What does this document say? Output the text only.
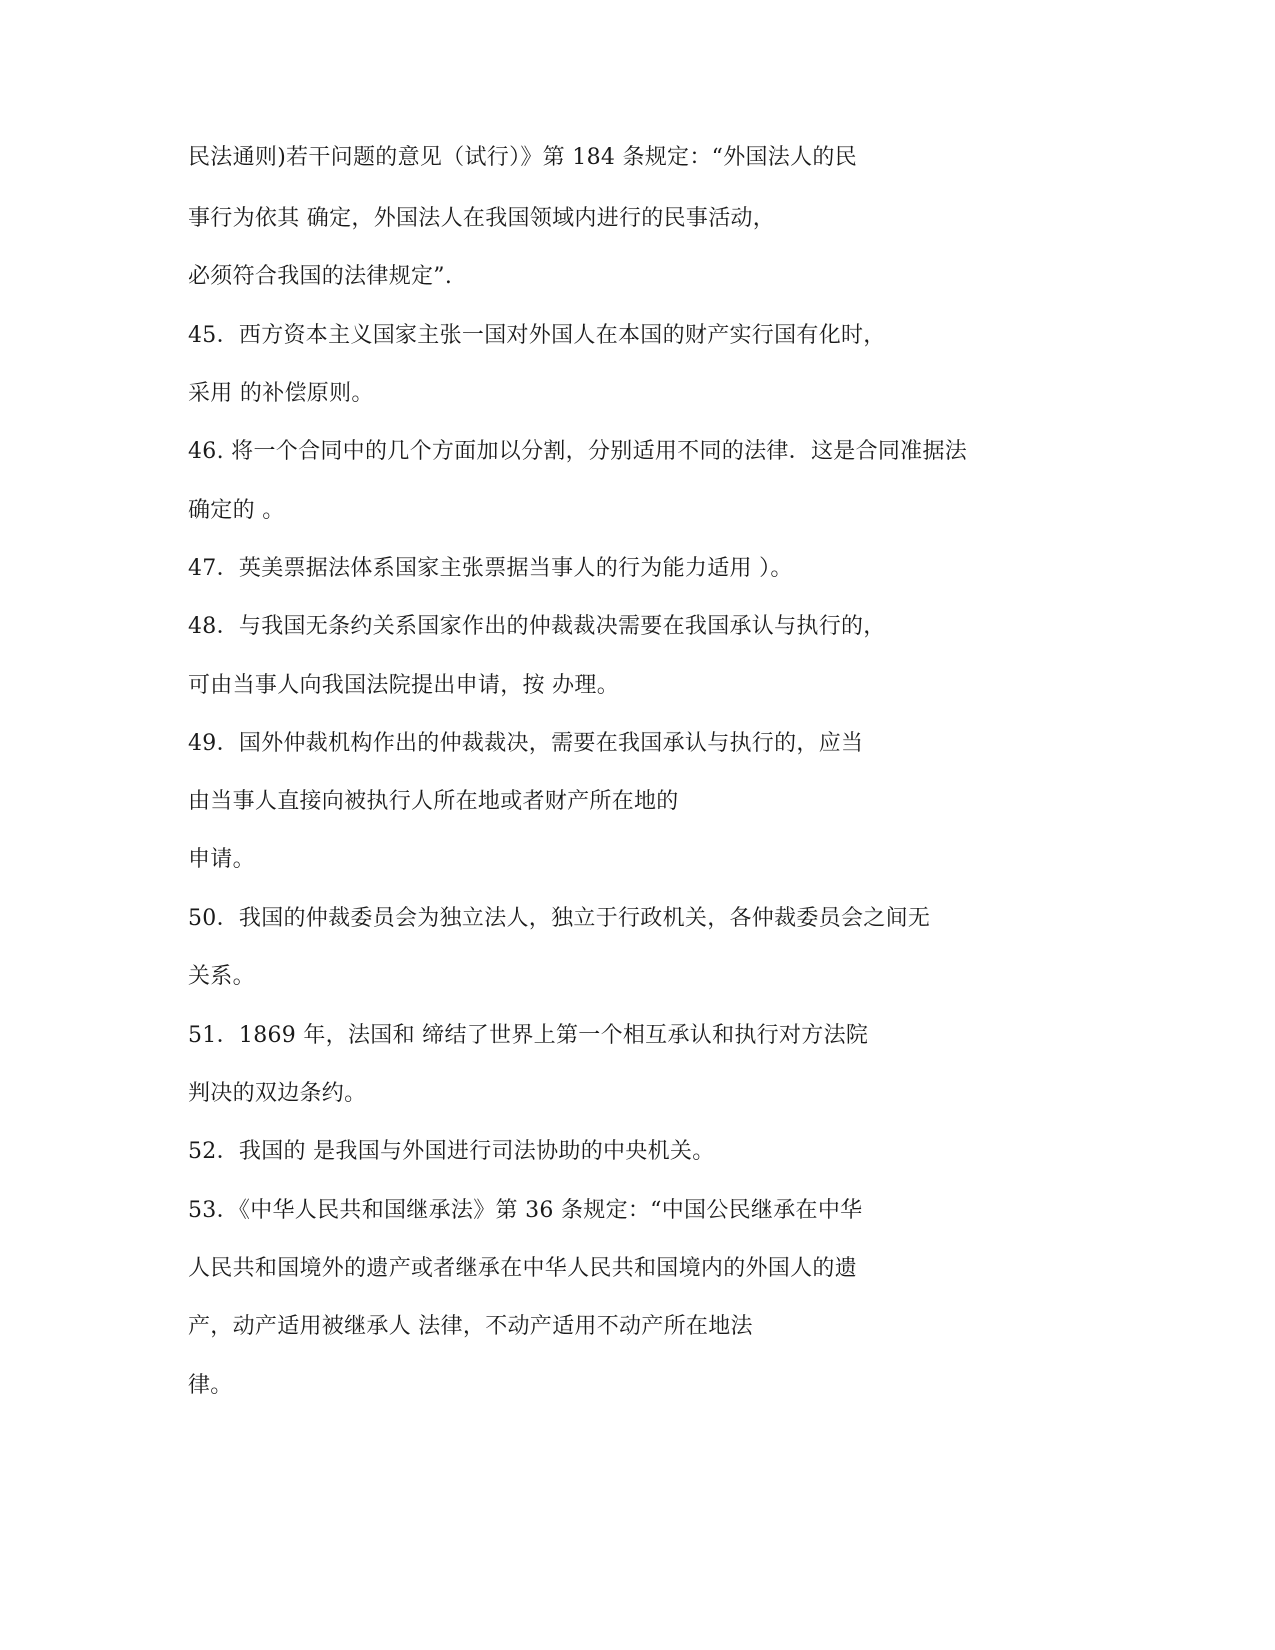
民法通则)若干问题的意见（试行）》第 184 条规定：“外国法人的民
事行为依其 确定，外国法人在我国领域内进行的民事活动，
必须符合我国的法律规定”.
45．西方资本主义国家主张一国对外国人在本国的财产实行国有化时，
采用 的补偿原则。
46. 将一个合同中的几个方面加以分割，分别适用不同的法律．这是合同准据法
确定的 。
47．英美票据法体系国家主张票据当事人的行为能力适用 ）。
48．与我国无条约关系国家作出的仲裁裁决需要在我国承认与执行的，
可由当事人向我国法院提出申请，按 办理。
49．国外仲裁机构作出的仲裁裁决，需要在我国承认与执行的，应当
由当事人直接向被执行人所在地或者财产所在地的
申请。
50．我国的仲裁委员会为独立法人，独立于行政机关，各仲裁委员会之间无
关系。
51．1869 年，法国和 缔结了世界上第一个相互承认和执行对方法院
判决的双边条约。
52．我国的 是我国与外国进行司法协助的中央机关。
53．《中华人民共和国继承法》第 36 条规定：“中国公民继承在中华
人民共和国境外的遗产或者继承在中华人民共和国境内的外国人的遗
产，动产适用被继承人 法律，不动产适用不动产所在地法
律。
